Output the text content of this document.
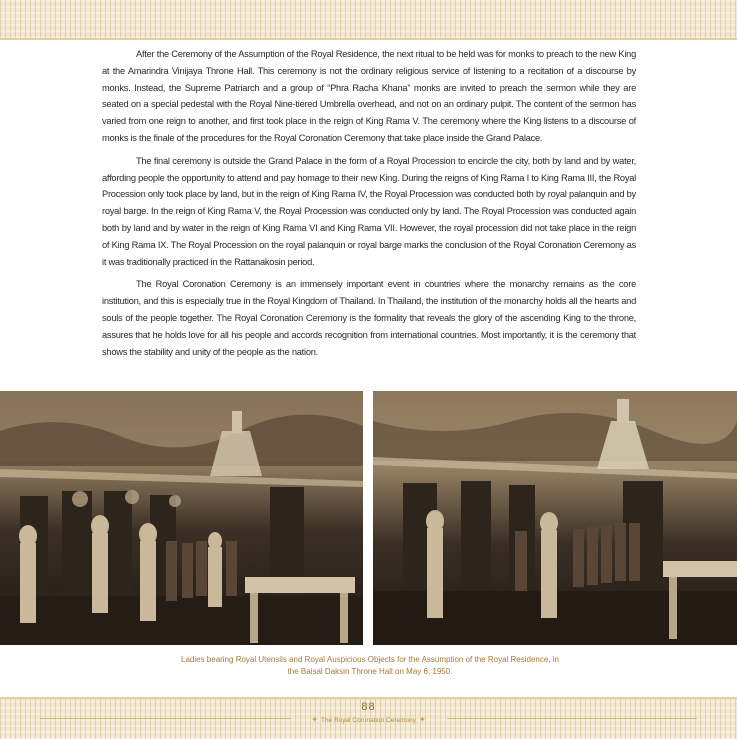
After the Ceremony of the Assumption of the Royal Residence, the next ritual to be held was for monks to preach to the new King at the Amarindra Vinijaya Throne Hall. This ceremony is not the ordinary religious service of listening to a recitation of a discourse by monks. Instead, the Supreme Patriarch and a group of “Phra Racha Khana” monks are invited to preach the sermon while they are seated on a special pedestal with the Royal Nine-tiered Umbrella overhead, and not on an ordinary pulpit. The content of the sermon has varied from one reign to another, and first took place in the reign of King Rama V. The ceremony where the King listens to a discourse of monks is the finale of the procedures for the Royal Coronation Ceremony that take place inside the Grand Palace.

The final ceremony is outside the Grand Palace in the form of a Royal Procession to encircle the city, both by land and by water, affording people the opportunity to attend and pay homage to their new King. During the reigns of King Rama I to King Rama III, the Royal Procession only took place by land, but in the reign of King Rama IV, the Royal Procession was conducted both by royal palanquin and by royal barge. In the reign of King Rama V, the Royal Procession was conducted only by land. The Royal Procession was conducted again both by land and by water in the reign of King Rama VI and King Rama VII. However, the royal procession did not take place in the reign of King Rama IX. The Royal Procession on the royal palanquin or royal barge marks the conclusion of the Royal Coronation Ceremony as it was traditionally practiced in the Rattanakosin period.

The Royal Coronation Ceremony is an immensely important event in countries where the monarchy remains as the core institution, and this is especially true in the Royal Kingdom of Thailand. In Thailand, the institution of the monarchy holds all the hearts and souls of the people together. The Royal Coronation Ceremony is the formality that reveals the glory of the ascending King to the throne, assures that he holds love for all his people and accords recognition from international countries. Most importantly, it is the ceremony that shows the stability and unity of the people as the nation.

Ladies bearing Royal Utensils and Royal Auspicious Objects for the Assumption of the Royal Residence, in
the Baisal Daksin Throne Hall on May 6, 1950.
88
✦ The Royal Coronation Ceremony ✦
